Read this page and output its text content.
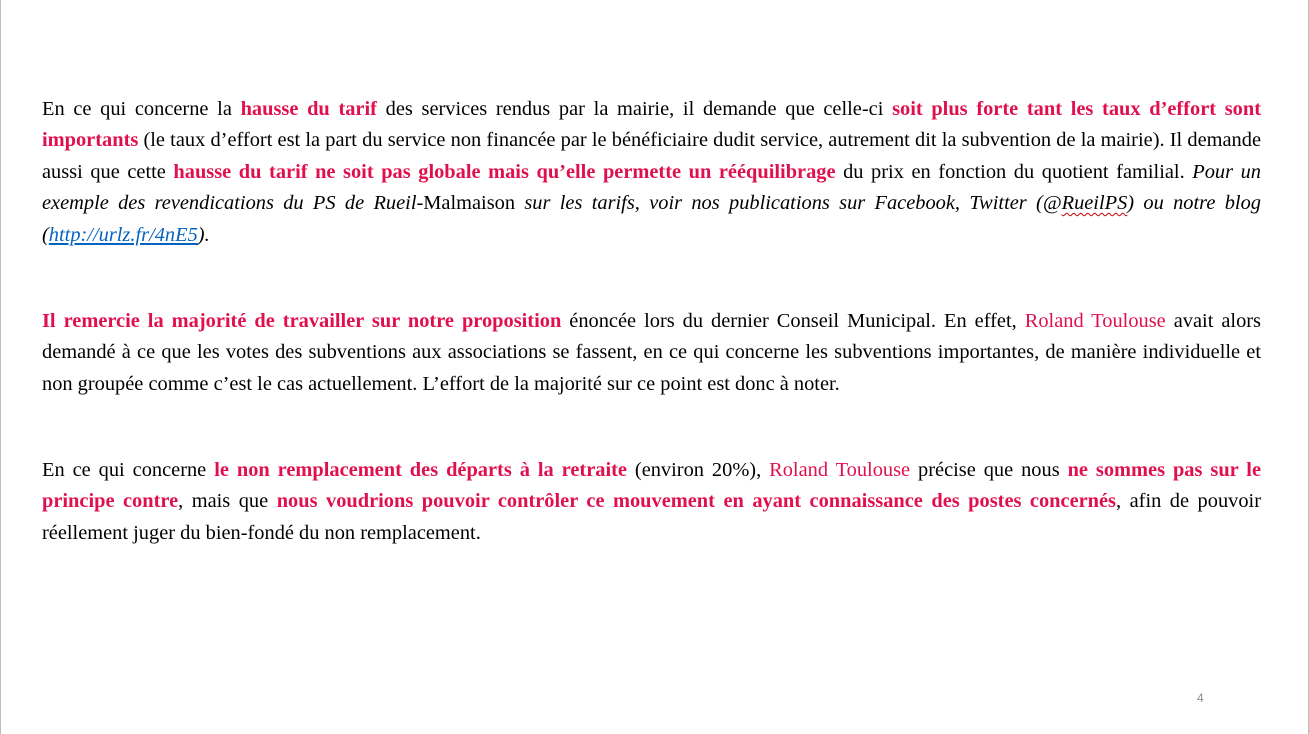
En ce qui concerne la hausse du tarif des services rendus par la mairie, il demande que celle-ci soit plus forte tant les taux d’effort sont importants (le taux d’effort est la part du service non financée par le bénéficiaire dudit service, autrement dit la subvention de la mairie). Il demande aussi que cette hausse du tarif ne soit pas globale mais qu’elle permette un rééquilibrage du prix en fonction du quotient familial. Pour un exemple des revendications du PS de Rueil-Malmaison sur les tarifs, voir nos publications sur Facebook, Twitter (@RueilPS) ou notre blog (http://urlz.fr/4nE5).

Il remercie la majorité de travailler sur notre proposition énoncée lors du dernier Conseil Municipal. En effet, Roland Toulouse avait alors demandé à ce que les votes des subventions aux associations se fassent, en ce qui concerne les subventions importantes, de manière individuelle et non groupée comme c’est le cas actuellement. L’effort de la majorité sur ce point est donc à noter.

En ce qui concerne le non remplacement des départs à la retraite (environ 20%), Roland Toulouse précise que nous ne sommes pas sur le principe contre, mais que nous voudrions pouvoir contrôler ce mouvement en ayant connaissance des postes concernés, afin de pouvoir réellement juger du bien-fondé du non remplacement.

4
